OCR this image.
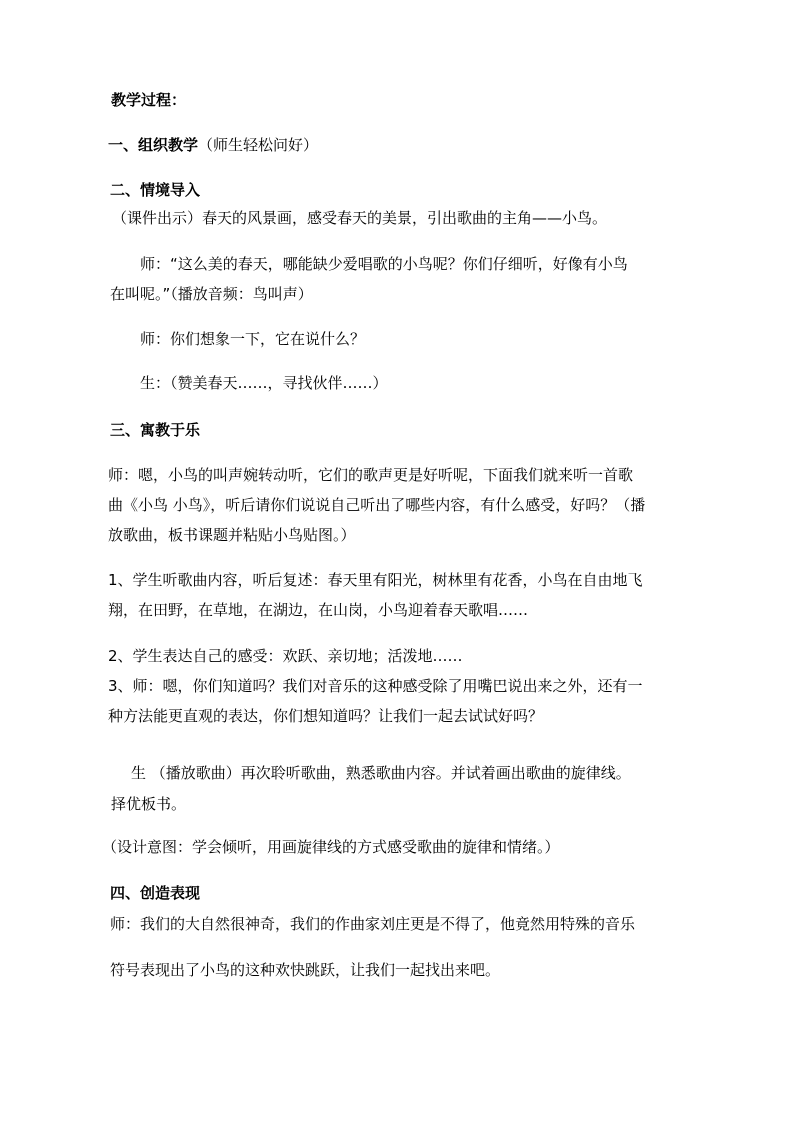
教学过程：

一、组织教学（师生轻松问好）

二、情境导入

（课件出示）春天的风景画，感受春天的美景，引出歌曲的主角——小鸟。

师：“这么美的春天，哪能缺少爱唱歌的小鸟呢？你们仔细听，好像有小鸟

在叫呢。”（播放音频：鸟叫声）

师：你们想象一下，它在说什么？

生：（赞美春天……，寻找伙伴……）

三、寓教于乐

师：嗯，小鸟的叫声婉转动听，它们的歌声更是好听呢，下面我们就来听一首歌

曲《小鸟 小鸟》，听后请你们说说自己听出了哪些内容，有什么感受，好吗？（播

放歌曲，板书课题并粘贴小鸟贴图。）

1、学生听歌曲内容，听后复述：春天里有阳光，树林里有花香，小鸟在自由地飞

翔，在田野，在草地，在湖边，在山岗，小鸟迎着春天歌唱……

2、学生表达自己的感受：欢跃、亲切地；活泼地……

3、师：嗯，你们知道吗？我们对音乐的这种感受除了用嘴巴说出来之外，还有一

种方法能更直观的表达，你们想知道吗？让我们一起去试试好吗？

生 （播放歌曲）再次聆听歌曲，熟悉歌曲内容。并试着画出歌曲的旋律线。

择优板书。

（设计意图：学会倾听，用画旋律线的方式感受歌曲的旋律和情绪。）

四、创造表现

师：我们的大自然很神奇，我们的作曲家刘庄更是不得了，他竟然用特殊的音乐

符号表现出了小鸟的这种欢快跳跃，让我们一起找出来吧。
